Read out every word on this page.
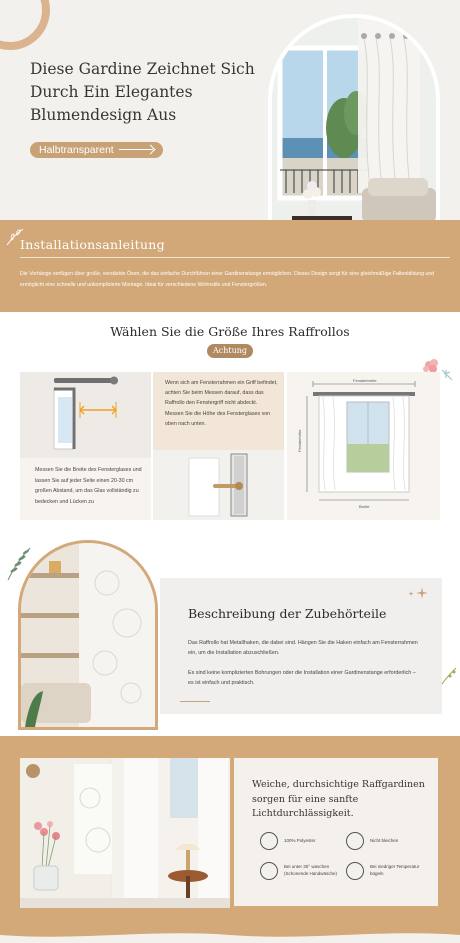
Diese Gardine Zeichnet Sich Durch Ein Elegantes Blumendesign Aus
Halbtransparent
Installationsanleitung
Die Vorhänge verfügen über große, verstärkte Ösen, die das einfache Durchführen einer Gardinenstange ermöglichen. Dieses Design sorgt für eine gleichmäßige Faltenbildung und ermöglicht eine schnelle und unkomplizierte Montage. Ideal für verschiedene Wohnstile und Fenstergrößen.
Wählen Sie die Größe Ihres Raffrollos
Achtung
Messen Sie die Breite des Fensterglases und lassen Sie auf jeder Seite einen 20-30 cm großen Abstand, um das Glas vollständig zu bedecken und Lücken zu

Wenn sich am Fensterrahmen ein Griff befindet, achten Sie beim Messen darauf, dass das Raffrollo den Fenstergriff nicht abdeckt.

Messen Sie die Höhe des Fensterglases von oben nach unten.

Fensterbreite
Fensterhöhe
Breite
Beschreibung der Zubehörteile
Das Raffrollo hat Metallhaken, die dabei sind. Hängen Sie die Haken einfach am Fensterrahmen ein, um die Installation abzuschließen.
Es sind keine komplizierten Bohrungen oder die Installation einer Gardinenstange erforderlich – es ist einfach und praktisch.
Weiche, durchsichtige Raffgardinen sorgen für eine sanfte Lichtdurchlässigkeit.
100% Polyester	Nicht bleichen
Bei unter 30° waschen (Schonende Handwäsche)
Bei niedriger Temperatur bügeln
